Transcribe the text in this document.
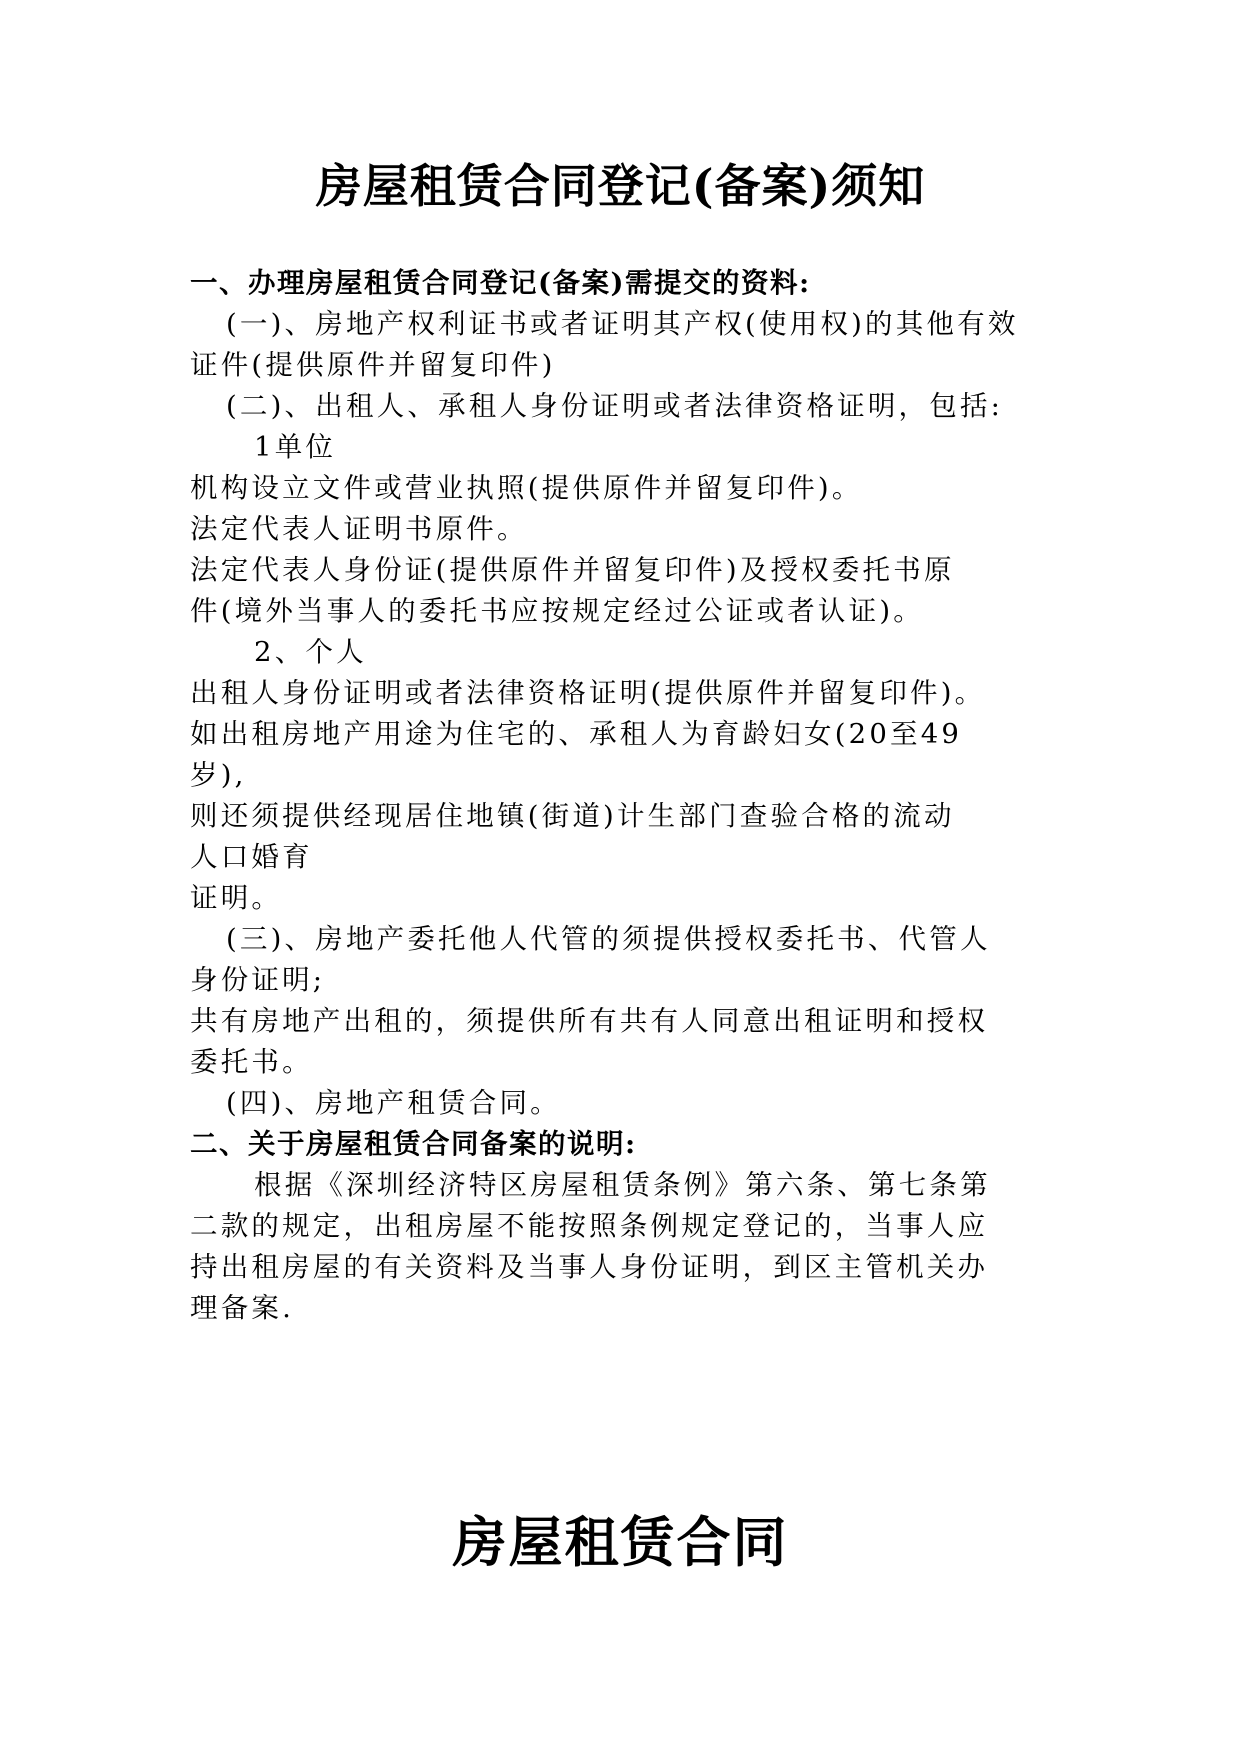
房屋租赁合同登记(备案)须知
一、办理房屋租赁合同登记(备案)需提交的资料:
(一)、房地产权利证书或者证明其产权(使用权)的其他有效
证件(提供原件并留复印件)
(二)、出租人、承租人身份证明或者法律资格证明，包括:
1单位
机构设立文件或营业执照(提供原件并留复印件)。
法定代表人证明书原件。
法定代表人身份证(提供原件并留复印件)及授权委托书原
件(境外当事人的委托书应按规定经过公证或者认证)。
2、个人
出租人身份证明或者法律资格证明(提供原件并留复印件)。
如出租房地产用途为住宅的、承租人为育龄妇女(20至49
岁),
则还须提供经现居住地镇(街道)计生部门查验合格的流动
人口婚育
证明。
(三)、房地产委托他人代管的须提供授权委托书、代管人
身份证明;
共有房地产出租的，须提供所有共有人同意出租证明和授权
委托书。
(四)、房地产租赁合同。
二、关于房屋租赁合同备案的说明:
根据《深圳经济特区房屋租赁条例》第六条、第七条第
二款的规定，出租房屋不能按照条例规定登记的，当事人应
持出租房屋的有关资料及当事人身份证明，到区主管机关办
理备案.
房屋租赁合同
